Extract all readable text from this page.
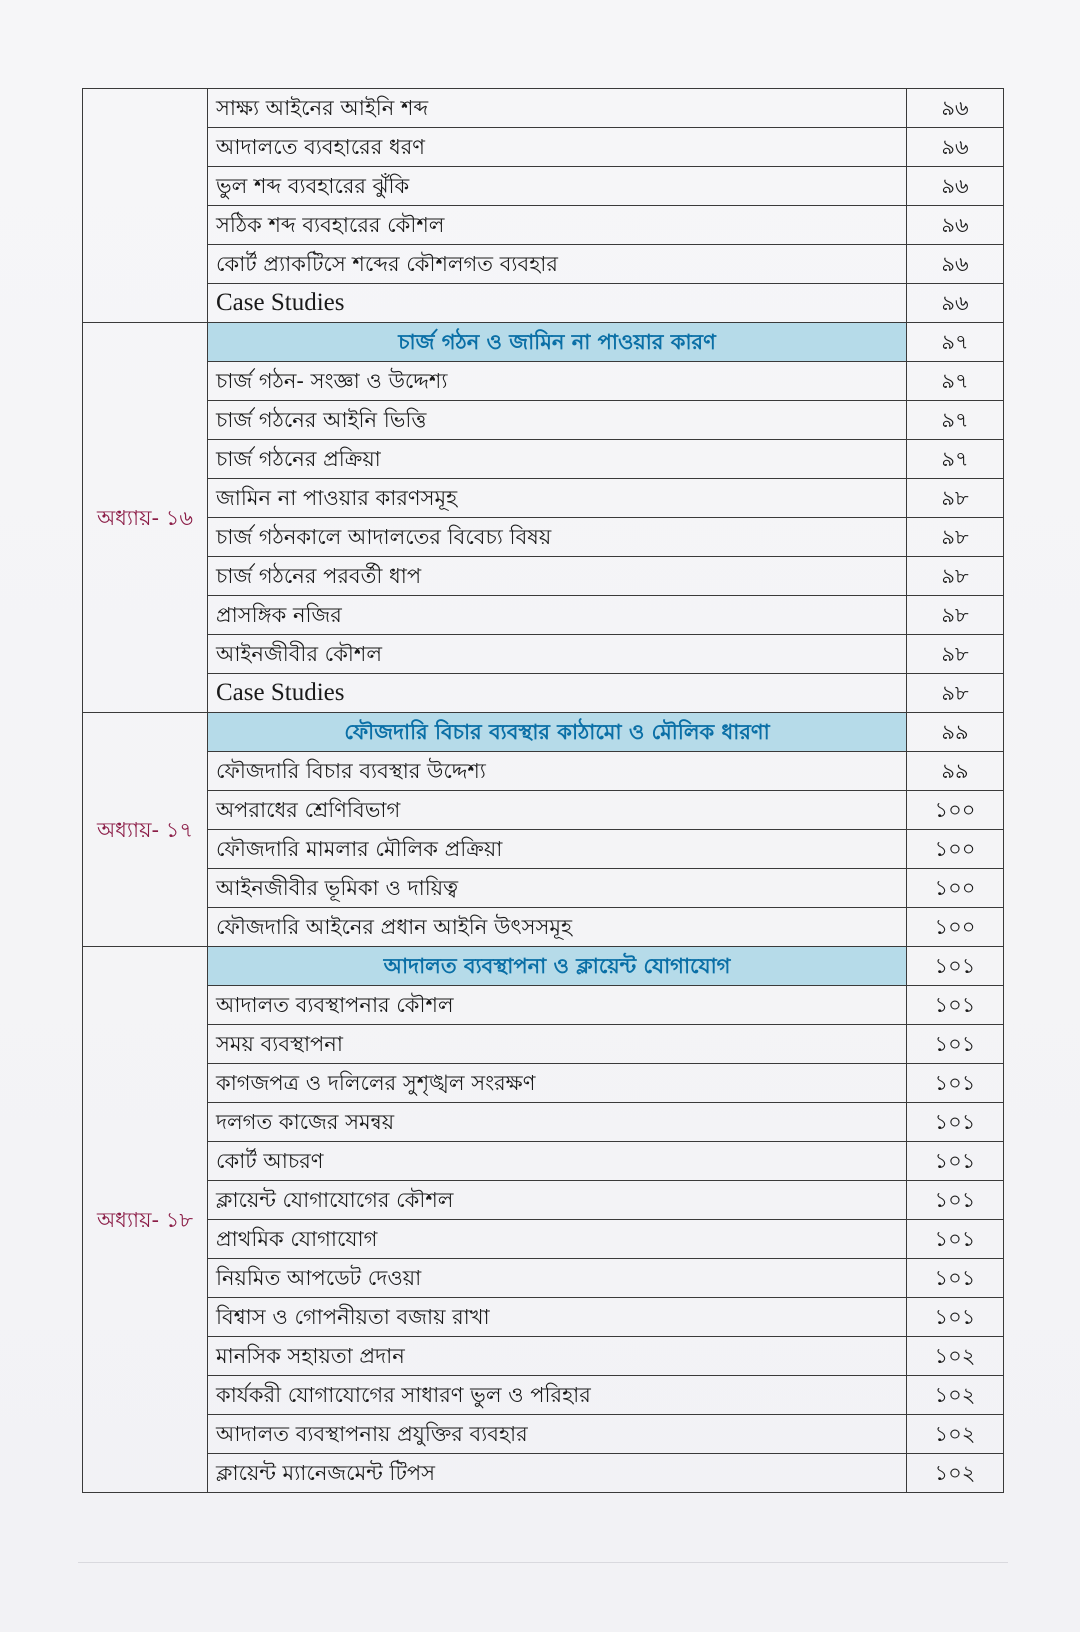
	সাক্ষ্য আইনের আইনি শব্দ	৯৬
	আদালতে ব্যবহারের ধরণ	৯৬
	ভুল শব্দ ব্যবহারের ঝুঁকি	৯৬
	সঠিক শব্দ ব্যবহারের কৌশল	৯৬
	কোর্ট প্র্যাকটিসে শব্দের কৌশলগত ব্যবহার	৯৬
	Case Studies	৯৬
অধ্যায়- ১৬	চার্জ গঠন ও জামিন না পাওয়ার কারণ	৯৭
	চার্জ গঠন- সংজ্ঞা ও উদ্দেশ্য	৯৭
	চার্জ গঠনের আইনি ভিত্তি	৯৭
	চার্জ গঠনের প্রক্রিয়া	৯৭
	জামিন না পাওয়ার কারণসমূহ	৯৮
	চার্জ গঠনকালে আদালতের বিবেচ্য বিষয়	৯৮
	চার্জ গঠনের পরবর্তী ধাপ	৯৮
	প্রাসঙ্গিক নজির	৯৮
	আইনজীবীর কৌশল	৯৮
	Case Studies	৯৮
অধ্যায়- ১৭	ফৌজদারি বিচার ব্যবস্থার কাঠামো ও মৌলিক ধারণা	৯৯
	ফৌজদারি বিচার ব্যবস্থার উদ্দেশ্য	৯৯
	অপরাধের শ্রেণিবিভাগ	১০০
	ফৌজদারি মামলার মৌলিক প্রক্রিয়া	১০০
	আইনজীবীর ভূমিকা ও দায়িত্ব	১০০
	ফৌজদারি আইনের প্রধান আইনি উৎসসমূহ	১০০
অধ্যায়- ১৮	আদালত ব্যবস্থাপনা ও ক্লায়েন্ট যোগাযোগ	১০১
	আদালত ব্যবস্থাপনার কৌশল	১০১
	সময় ব্যবস্থাপনা	১০১
	কাগজপত্র ও দলিলের সুশৃঙ্খল সংরক্ষণ	১০১
	দলগত কাজের সমন্বয়	১০১
	কোর্ট আচরণ	১০১
	ক্লায়েন্ট যোগাযোগের কৌশল	১০১
	প্রাথমিক যোগাযোগ	১০১
	নিয়মিত আপডেট দেওয়া	১০১
	বিশ্বাস ও গোপনীয়তা বজায় রাখা	১০১
	মানসিক সহায়তা প্রদান	১০২
	কার্যকরী যোগাযোগের সাধারণ ভুল ও পরিহার	১০২
	আদালত ব্যবস্থাপনায় প্রযুক্তির ব্যবহার	১০২
	ক্লায়েন্ট ম্যানেজমেন্ট টিপস	১০২
